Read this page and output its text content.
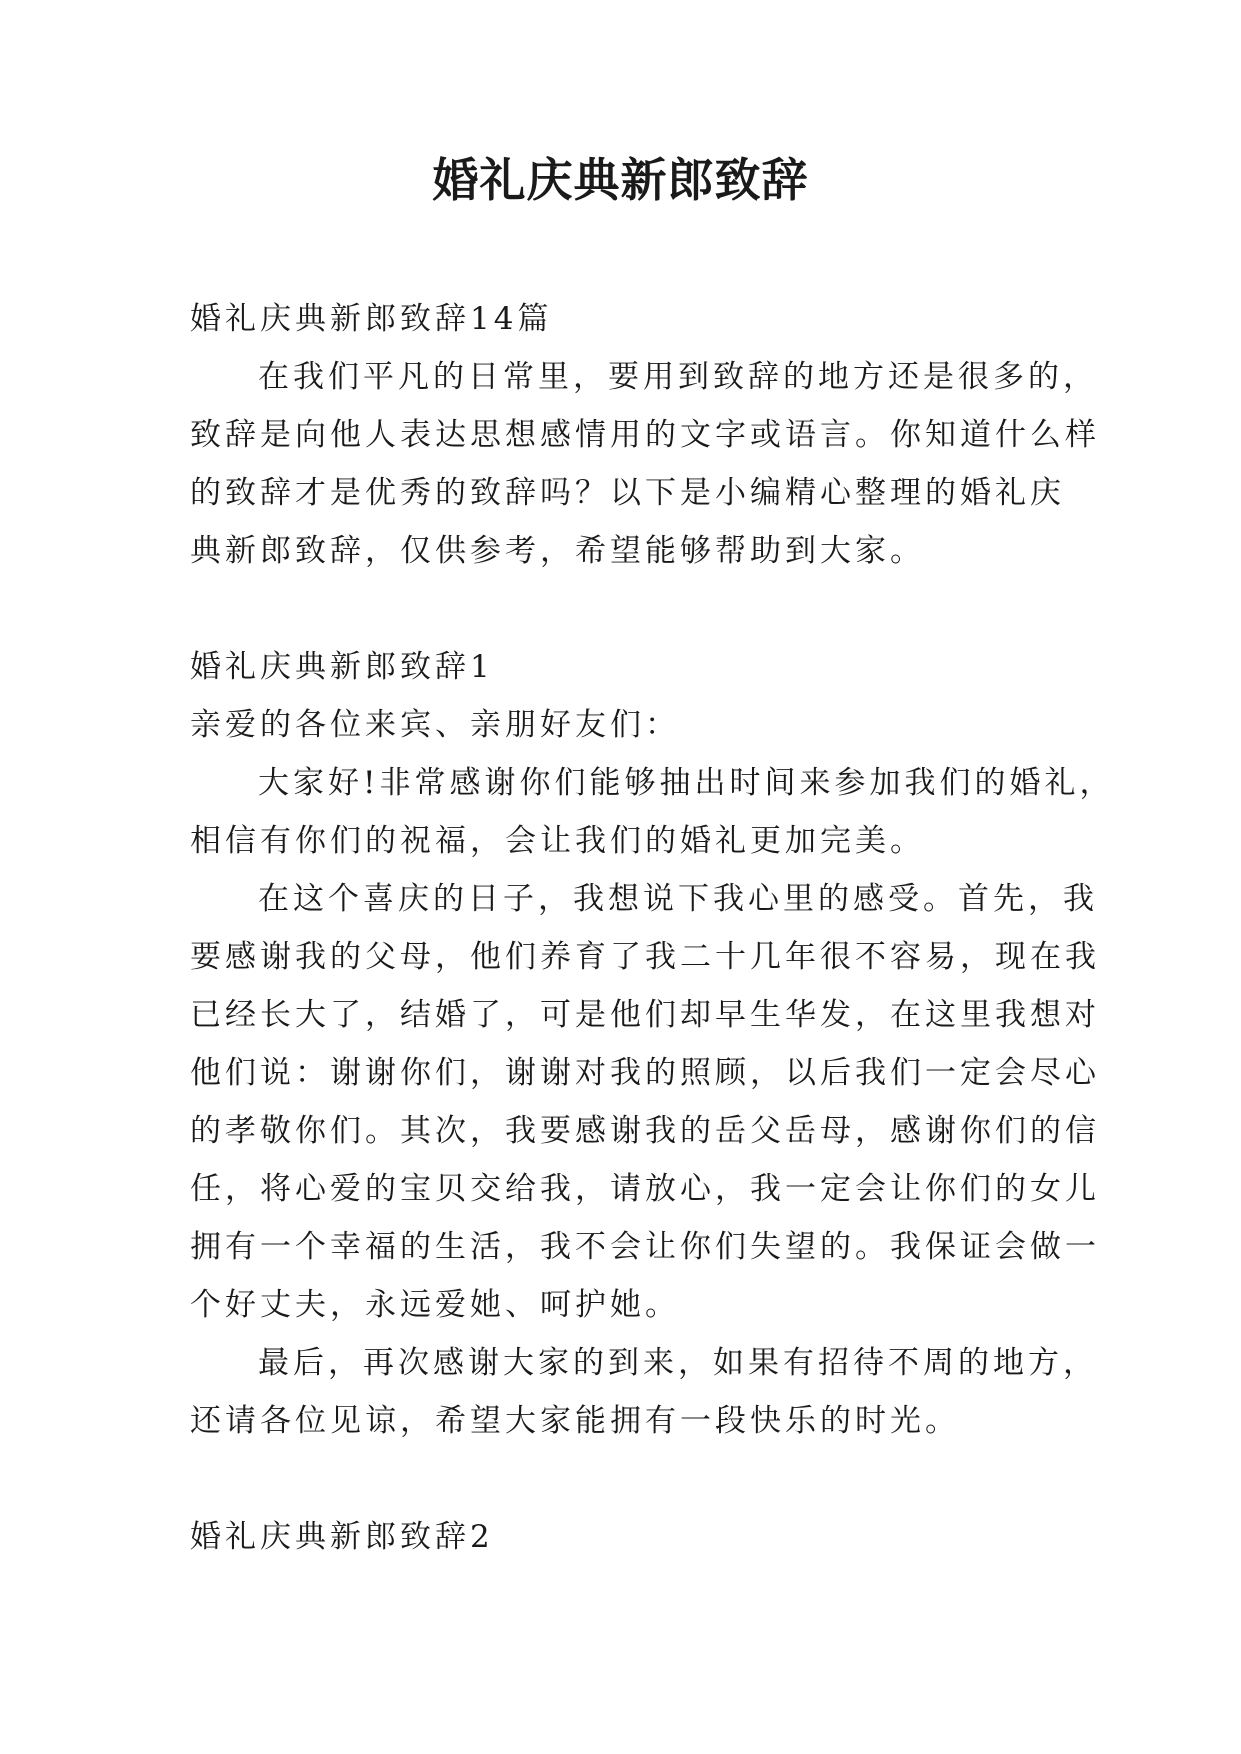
婚礼庆典新郎致辞

婚礼庆典新郎致辞14篇

在我们平凡的日常里，要用到致辞的地方还是很多的，

致辞是向他人表达思想感情用的文字或语言。你知道什么样

的致辞才是优秀的致辞吗？以下是小编精心整理的婚礼庆

典新郎致辞，仅供参考，希望能够帮助到大家。

婚礼庆典新郎致辞1

亲爱的各位来宾、亲朋好友们：

大家好!非常感谢你们能够抽出时间来参加我们的婚礼，

相信有你们的祝福，会让我们的婚礼更加完美。

在这个喜庆的日子，我想说下我心里的感受。首先，我

要感谢我的父母，他们养育了我二十几年很不容易，现在我

已经长大了，结婚了，可是他们却早生华发，在这里我想对

他们说：谢谢你们，谢谢对我的照顾，以后我们一定会尽心

的孝敬你们。其次，我要感谢我的岳父岳母，感谢你们的信

任，将心爱的宝贝交给我，请放心，我一定会让你们的女儿

拥有一个幸福的生活，我不会让你们失望的。我保证会做一

个好丈夫，永远爱她、呵护她。

最后，再次感谢大家的到来，如果有招待不周的地方，

还请各位见谅，希望大家能拥有一段快乐的时光。

婚礼庆典新郎致辞2
